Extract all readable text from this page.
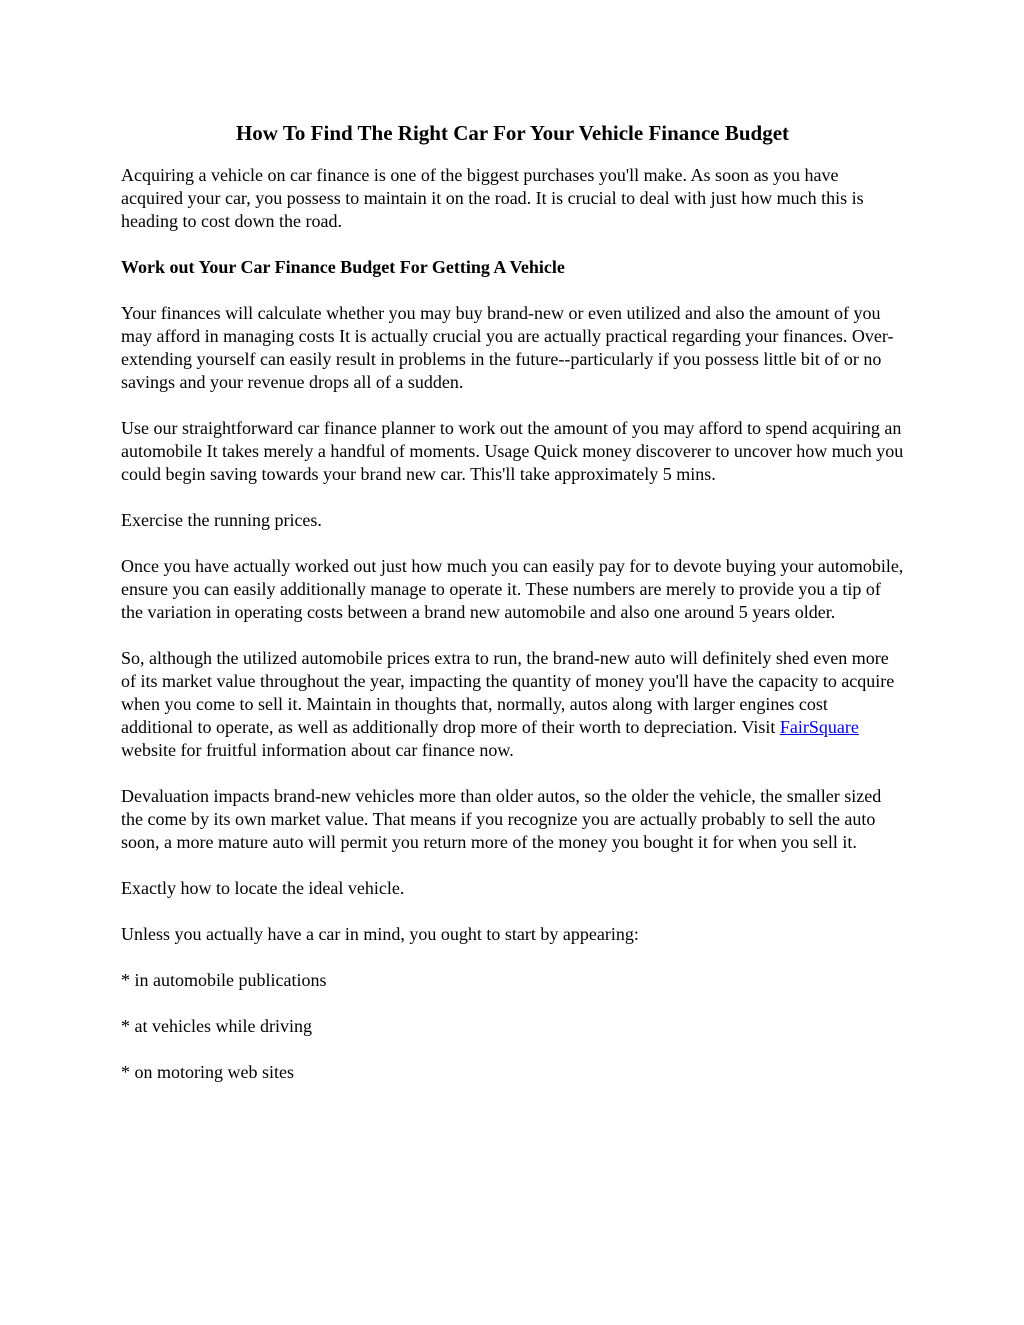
How To Find The Right Car For Your Vehicle Finance Budget

Acquiring a vehicle on car finance is one of the biggest purchases you'll make. As soon as you have acquired your car, you possess to maintain it on the road. It is crucial to deal with just how much this is heading to cost down the road.

Work out Your Car Finance Budget For Getting A Vehicle

Your finances will calculate whether you may buy brand-new or even utilized and also the amount of you may afford in managing costs It is actually crucial you are actually practical regarding your finances. Over-extending yourself can easily result in problems in the future--particularly if you possess little bit of or no savings and your revenue drops all of a sudden.

Use our straightforward car finance planner to work out the amount of you may afford to spend acquiring an automobile It takes merely a handful of moments. Usage Quick money discoverer to uncover how much you could begin saving towards your brand new car. This'll take approximately 5 mins.

Exercise the running prices.

Once you have actually worked out just how much you can easily pay for to devote buying your automobile, ensure you can easily additionally manage to operate it. These numbers are merely to provide you a tip of the variation in operating costs between a brand new automobile and also one around 5 years older.

So, although the utilized automobile prices extra to run, the brand-new auto will definitely shed even more of its market value throughout the year, impacting the quantity of money you'll have the capacity to acquire when you come to sell it. Maintain in thoughts that, normally, autos along with larger engines cost additional to operate, as well as additionally drop more of their worth to depreciation. Visit FairSquare website for fruitful information about car finance now.

Devaluation impacts brand-new vehicles more than older autos, so the older the vehicle, the smaller sized the come by its own market value. That means if you recognize you are actually probably to sell the auto soon, a more mature auto will permit you return more of the money you bought it for when you sell it.

Exactly how to locate the ideal vehicle.

Unless you actually have a car in mind, you ought to start by appearing:

* in automobile publications

* at vehicles while driving

* on motoring web sites
